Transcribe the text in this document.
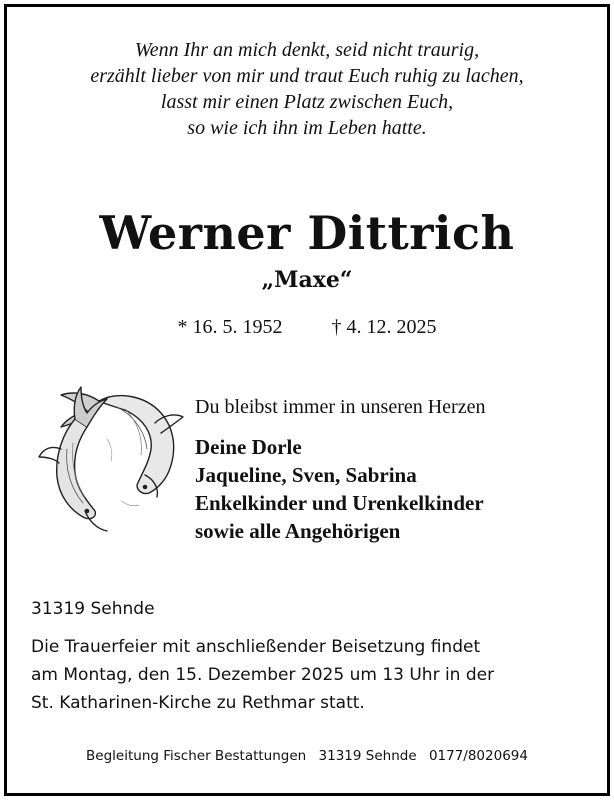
Wenn Ihr an mich denkt, seid nicht traurig,
erzählt lieber von mir und traut Euch ruhig zu lachen,
lasst mir einen Platz zwischen Euch,
so wie ich ihn im Leben hatte.
Werner Dittrich
„Maxe“
* 16. 5. 1952 † 4. 12. 2025
Du bleibst immer in unseren Herzen
Deine Dorle
Jaqueline, Sven, Sabrina
Enkelkinder und Urenkelkinder
sowie alle Angehörigen
31319 Sehnde
Die Trauerfeier mit anschließender Beisetzung findet
am Montag, den 15. Dezember 2025 um 13 Uhr in der
St. Katharinen-Kirche zu Rethmar statt.
Begleitung Fischer Bestattungen 31319 Sehnde 0177/8020694
